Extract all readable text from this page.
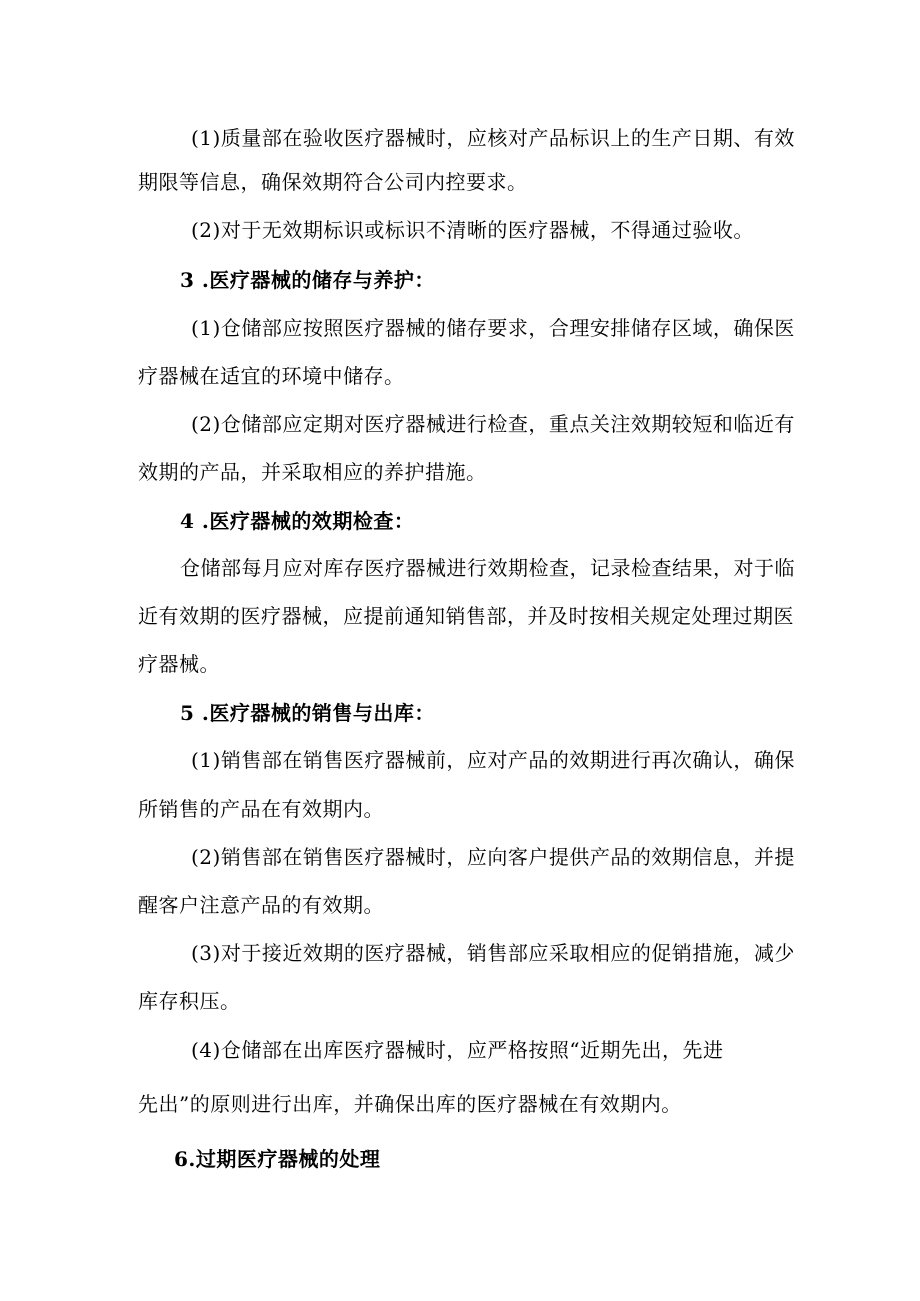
(1)质量部在验收医疗器械时，应核对产品标识上的生产日期、有效
期限等信息，确保效期符合公司内控要求。
(2)对于无效期标识或标识不清晰的医疗器械，不得通过验收。
3 .医疗器械的储存与养护：
(1)仓储部应按照医疗器械的储存要求，合理安排储存区域，确保医
疗器械在适宜的环境中储存。
(2)仓储部应定期对医疗器械进行检查，重点关注效期较短和临近有
效期的产品，并采取相应的养护措施。
4 .医疗器械的效期检查：
仓储部每月应对库存医疗器械进行效期检查，记录检查结果，对于临
近有效期的医疗器械，应提前通知销售部，并及时按相关规定处理过期医
疗器械。
5 .医疗器械的销售与出库：
(1)销售部在销售医疗器械前，应对产品的效期进行再次确认，确保
所销售的产品在有效期内。
(2)销售部在销售医疗器械时，应向客户提供产品的效期信息，并提
醒客户注意产品的有效期。
(3)对于接近效期的医疗器械，销售部应采取相应的促销措施，减少
库存积压。
(4)仓储部在出库医疗器械时，应严格按照“近期先出，先进
先出”的原则进行出库，并确保出库的医疗器械在有效期内。
6.过期医疗器械的处理
